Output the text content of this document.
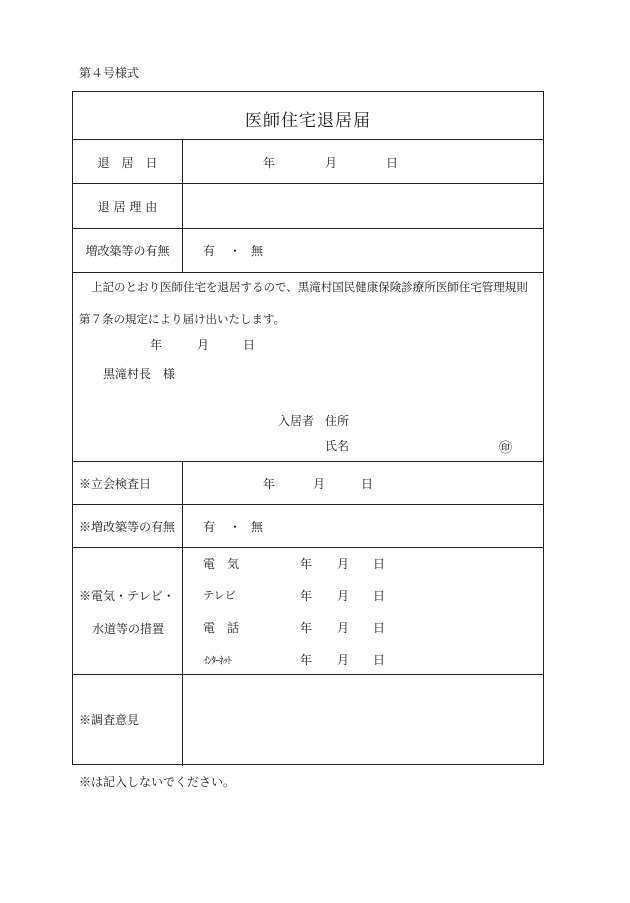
第４号様式
医師住宅退居届
退　居　日	年	月	日
退 居 理 由
増改築等の有無	有 ・ 無
上記のとおり医師住宅を退居するので、黒滝村国民健康保険診療所医師住宅管理規則
第７条の規定により届け出いたします。
年	月	日
黒滝村長　様
入居者 住所
氏名	㊞
※立会検査日	年	月	日
※増改築等の有無 有 ・ 無
※電気・テレビ・
水道等の措置
電　気	年 月 日
テレビ	年 月 日
電　話	年 月 日
ｲﾝﾀｰﾈｯﾄ	年 月 日
※調査意見
※は記入しないでください。
